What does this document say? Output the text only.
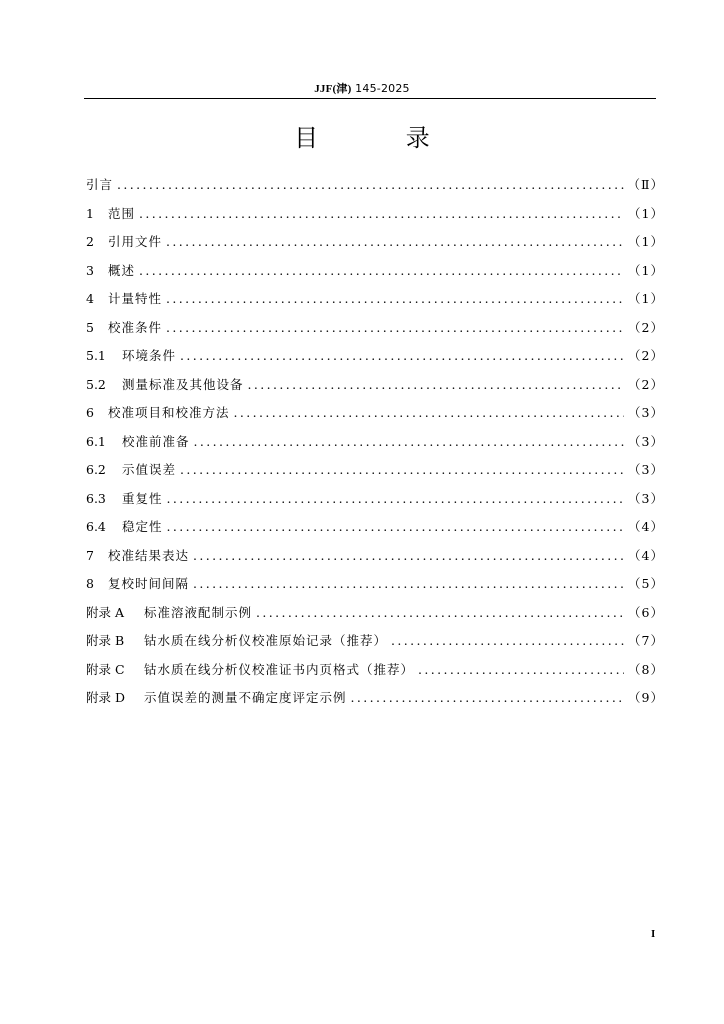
JJF(津) 145-2025
目 录
引言 .....	（Ⅱ）
1	范围 .....	（1）
2	引用文件 .....	（1）
3	概述 .....	（1）
4	计量特性 .....	（1）
5	校准条件 .....	（2）
5.1	环境条件 .....	（2）
5.2	测量标准及其他设备 .....	（2）
6	校准项目和校准方法 .....	（3）
6.1	校准前准备 .....	（3）
6.2	示值误差 .....	（3）
6.3	重复性 .....	（3）
6.4	稳定性 .....	（4）
7	校准结果表达 .....	（4）
8	复校时间间隔 .....	（5）
附录 A	标准溶液配制示例 .....	（6）
附录 B	钴水质在线分析仪校准原始记录（推荐） .....	（7）
附录 C	钴水质在线分析仪校准证书内页格式（推荐） .....	（8）
附录 D	示值误差的测量不确定度评定示例 .....	（9）
I
